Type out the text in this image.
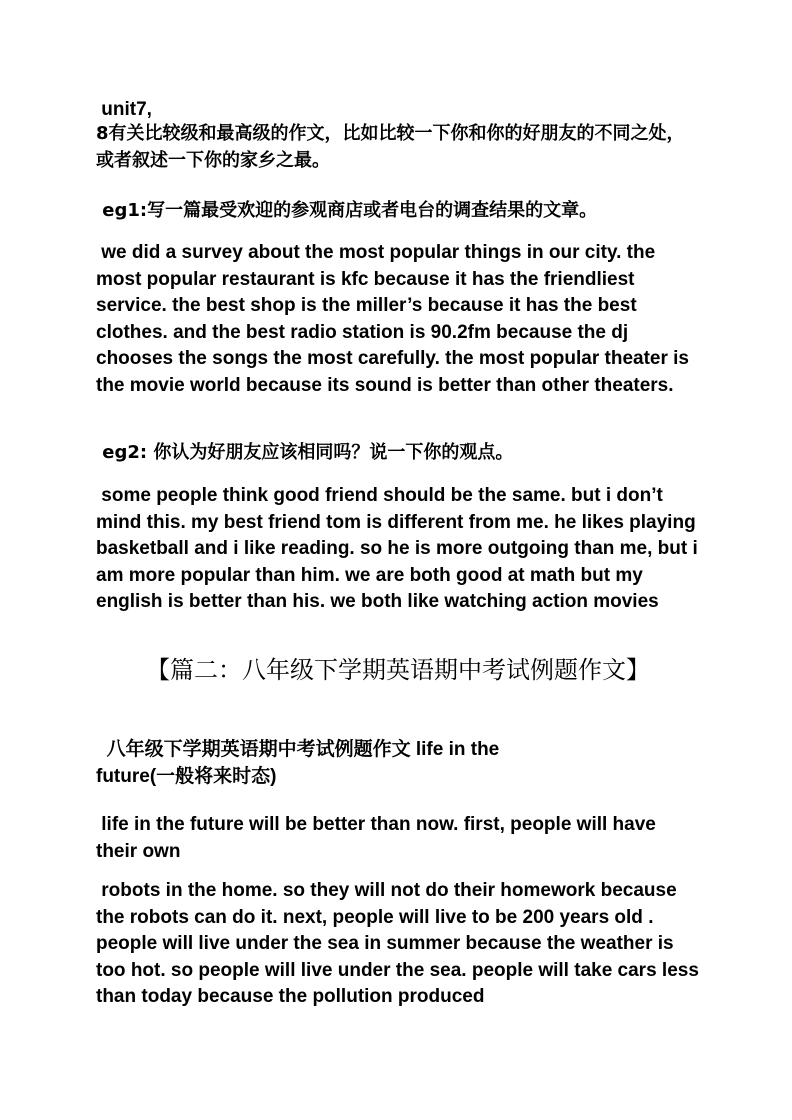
unit7,
8有关比较级和最高级的作文，比如比较一下你和你的好朋友的不同之处，或者叙述一下你的家乡之最。
eg1:写一篇最受欢迎的参观商店或者电台的调查结果的文章。
we did a survey about the most popular things in our city. the most popular restaurant is kfc because it has the friendliest service. the best shop is the miller’s because it has the best clothes. and the best radio station is 90.2fm because the dj chooses the songs the most carefully. the most popular theater is the movie world because its sound is better than other theaters.
eg2: 你认为好朋友应该相同吗？说一下你的观点。
some people think good friend should be the same. but i don’t mind this. my best friend tom is different from me. he likes playing basketball and i like reading. so he is more outgoing than me, but i am more popular than him. we are both good at math but my english is better than his. we both like watching action movies
【篇二：八年级下学期英语期中考试例题作文】
八年级下学期英语期中考试例题作文 life in the future(一般将来时态)
life in the future will be better than now. first, people will have their own
robots in the home. so they will not do their homework because the robots can do it. next, people will live to be 200 years old . people will live under the sea in summer because the weather is too hot. so people will live under the sea. people will take cars less than today because the pollution produced
